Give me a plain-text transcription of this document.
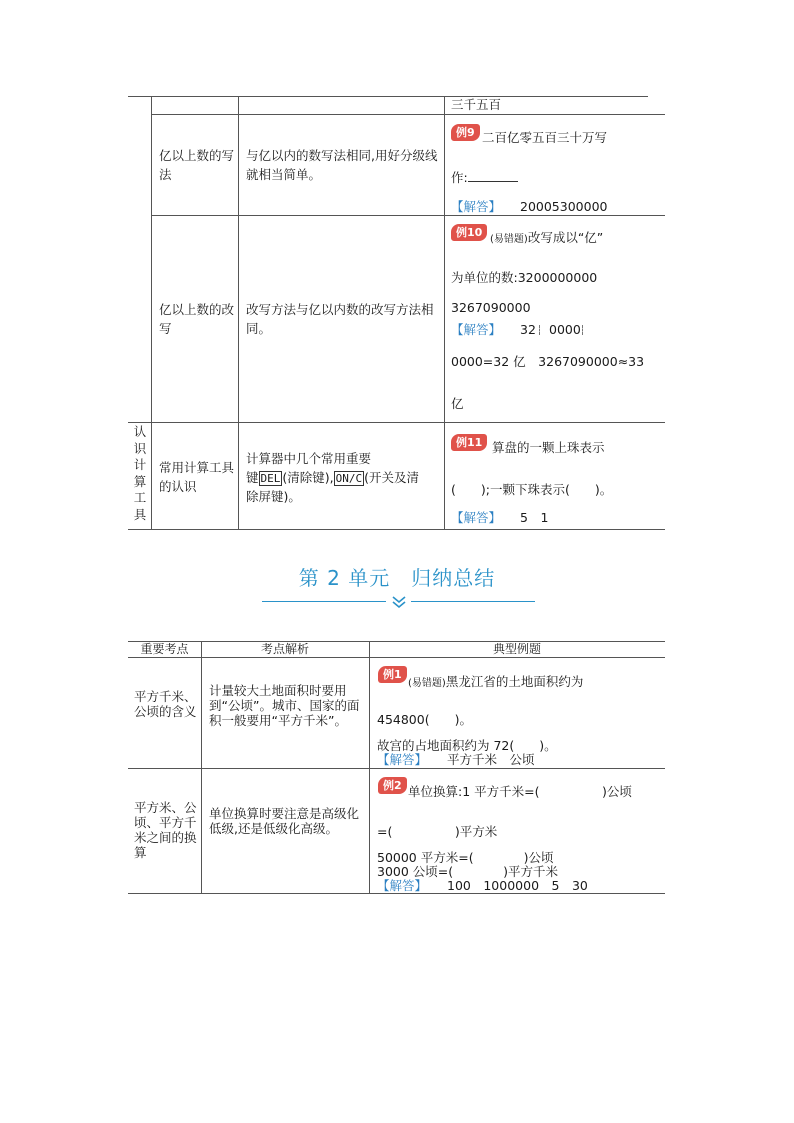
三千五百
亿以上数的写法
与亿以内的数写法相同,用好分级线就相当简单。
例9 二百亿零五百三十万写
作:
【解答】 20005300000
亿以上数的改写
改写方法与亿以内数的改写方法相同。
例10
(易错题)改写成以“亿”
为单位的数:3200000000
3267090000
【解答】 32 0000
0000=32 亿　3267090000≈33
亿
认识计算工具
常用计算工具的认识
计算器中几个常用重要
键 DEL (清除键), ON/C (开关及清
除屏键)。
例11 算盘的一颗上珠表示
(　　);一颗下珠表示(　　)。
【解答】 5　1
第 2 单元　归纳总结
重要考点	考点解析	典型例题
平方千米、公顷的含义
计量较大土地面积时要用到“公顷”。城市、国家的面积一般要用“平方千米”。
例1
(易错题)黑龙江省的土地面积约为
454800(　　)。
故宫的占地面积约为 72(　　)。
【解答】 平方千米　公顷
平方米、公顷、平方千米之间的换算
单位换算时要注意是高级化低级,还是低级化高级。
例2 单位换算:1 平方千米=(　　　　　)公顷
=(　　　　　)平方米
50000 平方米=(　　　　)公顷
3000 公顷=(　　　　)平方千米
【解答】 100　1000000　5　30
